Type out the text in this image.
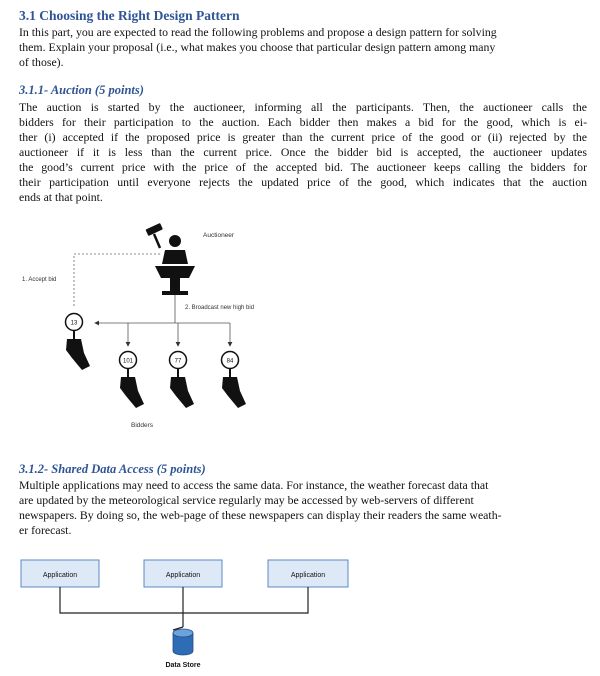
3.1 Choosing the Right Design Pattern

In this part, you are expected to read the following problems and propose a design pattern for solving
them. Explain your proposal (i.e., what makes you choose that particular design pattern among many
of those).

3.1.1- Auction (5 points)

The auction is started by the auctioneer, informing all the participants. Then, the auctioneer calls the
bidders for their participation to the auction. Each bidder then makes a bid for the good, which is ei-
ther (i) accepted if the proposed price is greater than the current price of the good or (ii) rejected by the
auctioneer if it is less than the current price. Once the bidder bid is accepted, the auctioneer updates
the good’s current price with the price of the accepted bid. The auctioneer keeps calling the bidders for
their participation until everyone rejects the updated price of the good, which indicates that the auction
ends at that point.

Auctioneer
1. Accept bid
2. Broadcast new high bid
13
101	77	84
Bidders
3.1.2- Shared Data Access (5 points)

Multiple applications may need to access the same data. For instance, the weather forecast data that
are updated by the meteorological service regularly may be accessed by web-servers of different
newspapers. By doing so, the web-page of these newspapers can display their readers the same weath-
er forecast.

Application	Application	Application
Data Store
